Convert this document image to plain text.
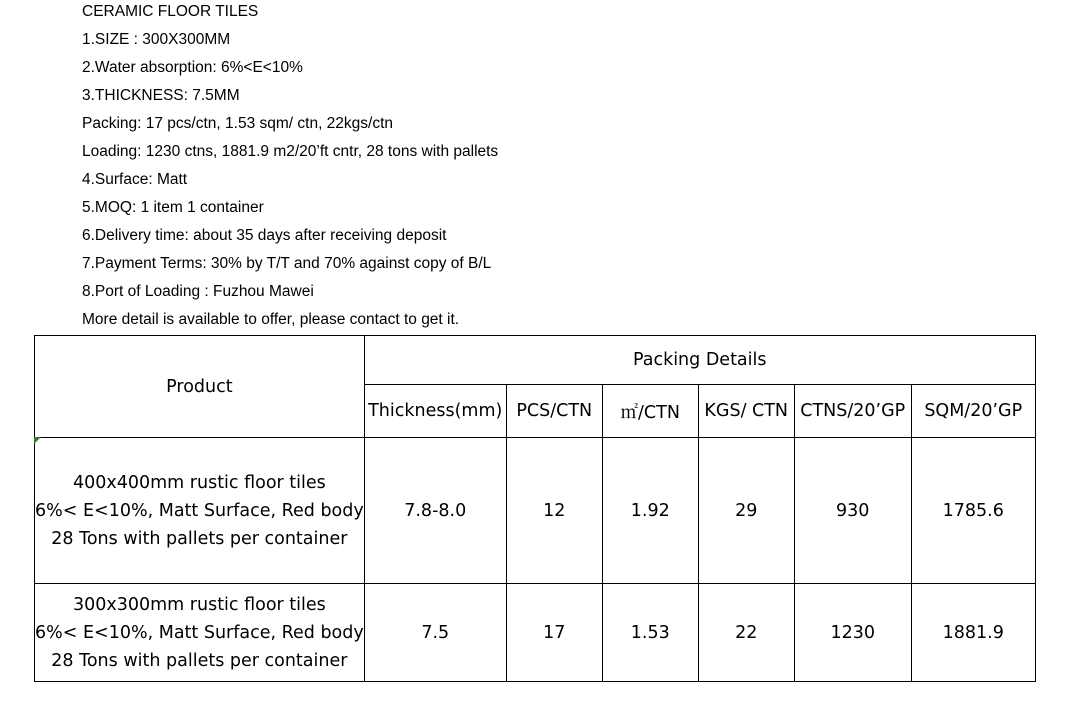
CERAMIC FLOOR TILES
1.SIZE : 300X300MM
2.Water absorption: 6%<E<10%
3.THICKNESS: 7.5MM
Packing: 17 pcs/ctn, 1.53 sqm/ ctn, 22kgs/ctn
Loading: 1230 ctns, 1881.9 m2/20’ft cntr, 28 tons with pallets
4.Surface: Matt
5.MOQ: 1 item 1 container
6.Delivery time: about 35 days after receiving deposit
7.Payment Terms: 30% by T/T and 70% against copy of B/L
8.Port of Loading : Fuzhou Mawei
More detail is available to offer, please contact to get it.
Product	Packing Details					
	Thickness(mm)	PCS/CTN	㎡/CTN	KGS/ CTN	CTNS/20’GP	SQM/20’GP

400x400mm rustic floor tiles
6%< E<10%, Matt Surface, Red body
28 Tons with pallets per container	7.8-8.0	12	1.92	29	930	1785.6

300x300mm rustic floor tiles
6%< E<10%, Matt Surface, Red body
28 Tons with pallets per container	7.5	17	1.53	22	1230	1881.9
